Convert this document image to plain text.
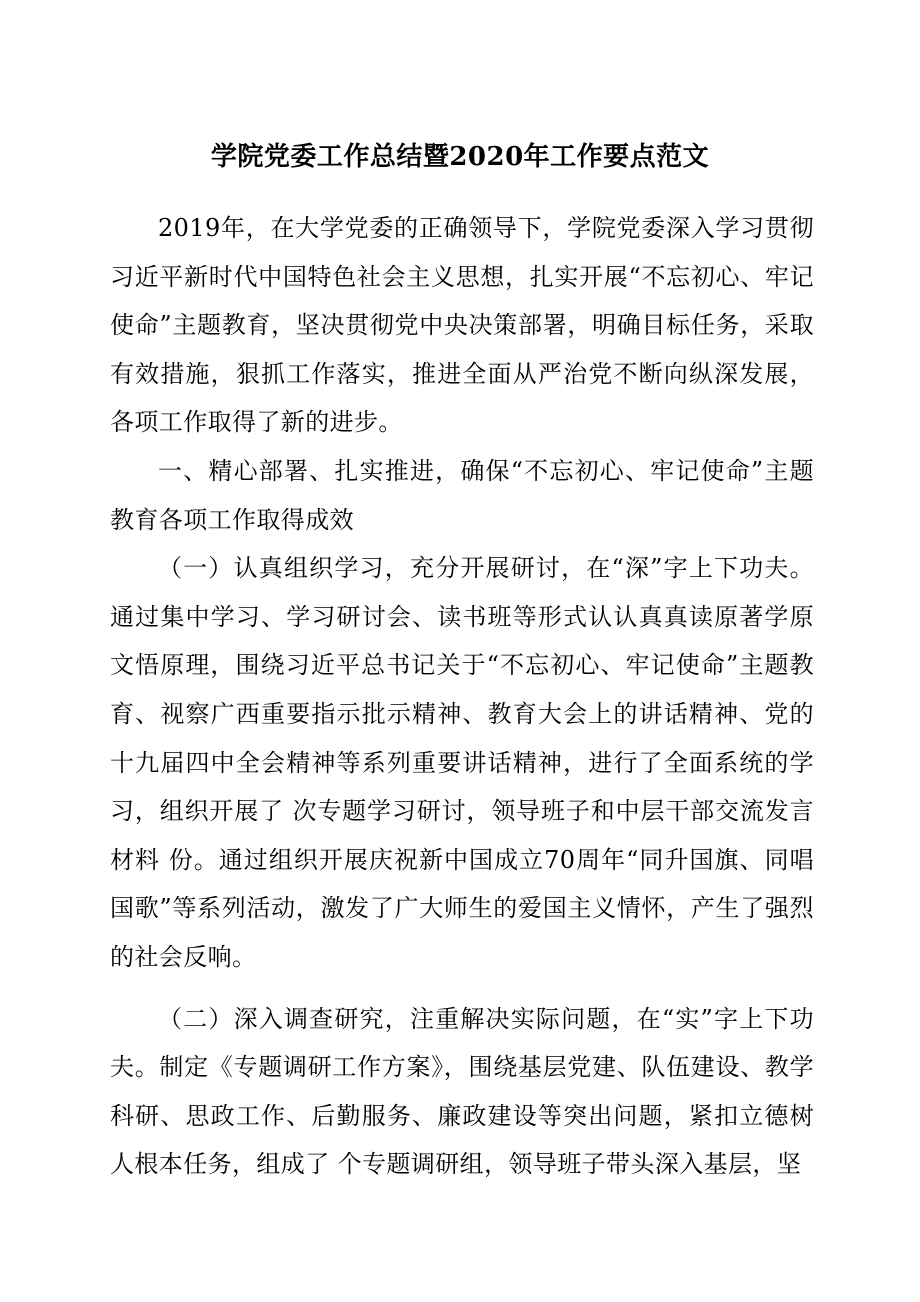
学院党委工作总结暨2020年工作要点范文

2019年，在大学党委的正确领导下，学院党委深入学习贯彻习近平新时代中国特色社会主义思想，扎实开展“不忘初心、牢记使命”主题教育，坚决贯彻党中央决策部署，明确目标任务，采取有效措施，狠抓工作落实，推进全面从严治党不断向纵深发展，各项工作取得了新的进步。

一、精心部署、扎实推进，确保“不忘初心、牢记使命”主题教育各项工作取得成效

（一）认真组织学习，充分开展研讨，在“深”字上下功夫。通过集中学习、学习研讨会、读书班等形式认认真真读原著学原文悟原理，围绕习近平总书记关于“不忘初心、牢记使命”主题教育、视察广西重要指示批示精神、教育大会上的讲话精神、党的十九届四中全会精神等系列重要讲话精神，进行了全面系统的学习，组织开展了 次专题学习研讨，领导班子和中层干部交流发言材料 份。通过组织开展庆祝新中国成立70周年“同升国旗、同唱国歌”等系列活动，激发了广大师生的爱国主义情怀，产生了强烈的社会反响。

（二）深入调查研究，注重解决实际问题，在“实”字上下功夫。制定《专题调研工作方案》，围绕基层党建、队伍建设、教学科研、思政工作、后勤服务、廉政建设等突出问题，紧扣立德树人根本任务，组成了 个专题调研组，领导班子带头深入基层，坚
